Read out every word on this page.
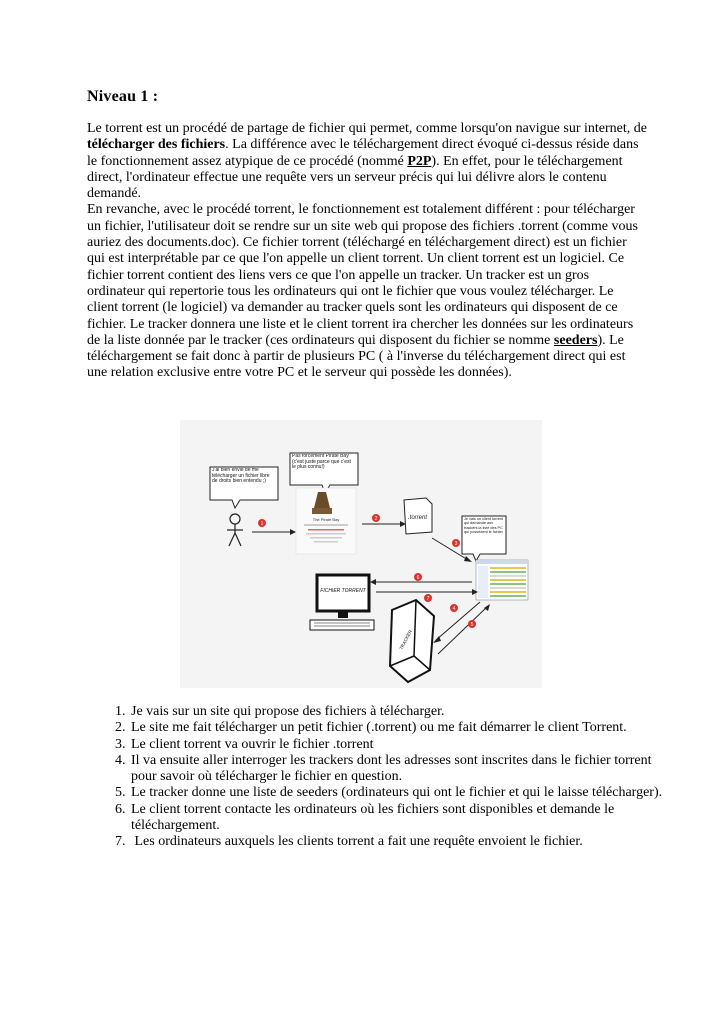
Niveau 1 :

Le torrent est un procédé de partage de fichier qui permet, comme lorsqu'on navigue sur internet, de télécharger des fichiers. La différence avec le téléchargement direct évoqué ci-dessus réside dans le fonctionnement assez atypique de ce procédé (nommé P2P). En effet, pour le téléchargement direct, l'ordinateur effectue une requête vers un serveur précis qui lui délivre alors le contenu demandé.

En revanche, avec le procédé torrent, le fonctionnement est totalement différent : pour télécharger un fichier, l'utilisateur doit se rendre sur un site web qui propose des fichiers .torrent (comme vous auriez des documents.doc). Ce fichier torrent (téléchargé en téléchargement direct) est un fichier qui est interprétable par ce que l'on appelle un client torrent. Un client torrent est un logiciel. Ce fichier torrent contient des liens vers ce que l'on appelle un tracker. Un tracker est un gros ordinateur qui repertorie tous les ordinateurs qui ont le fichier que vous voulez télécharger. Le client torrent (le logiciel) va demander au tracker quels sont les ordinateurs qui disposent de ce fichier. Le tracker donnera une liste et le client torrent ira chercher les données sur les ordinateurs de la liste donnée par le tracker (ces ordinateurs qui disposent du fichier se nomme seeders). Le téléchargement se fait donc à partir de plusieurs PC ( à l'inverse du téléchargement direct qui est une relation exclusive entre votre PC et le serveur qui possède les données).

J'ai bien envie de me télécharger un fichier libre de droits bien entendu ;)
1
Pas forcement Pirate Bay (c'est juste parce que c'est le plus connu!)
The Pirate Bay	2	.torrent	Je vais un client torrent qui demande aux trackers la liste des PC qui possèdent le fichier
3
FICHIER TORRENT
6
7
TRACKER
4
5
1. Je vais sur un site qui propose des fichiers à télécharger.
2. Le site me fait télécharger un petit fichier (.torrent) ou me fait démarrer le client Torrent.
3. Le client torrent va ouvrir le fichier .torrent
4. Il va ensuite aller interroger les trackers dont les adresses sont inscrites dans le fichier torrent pour savoir où télécharger le fichier en question.
5. Le tracker donne une liste de seeders (ordinateurs qui ont le fichier et qui le laisse télécharger).
6. Le client torrent contacte les ordinateurs où les fichiers sont disponibles et demande le téléchargement.
7.  Les ordinateurs auxquels les clients torrent a fait une requête envoient le fichier.
